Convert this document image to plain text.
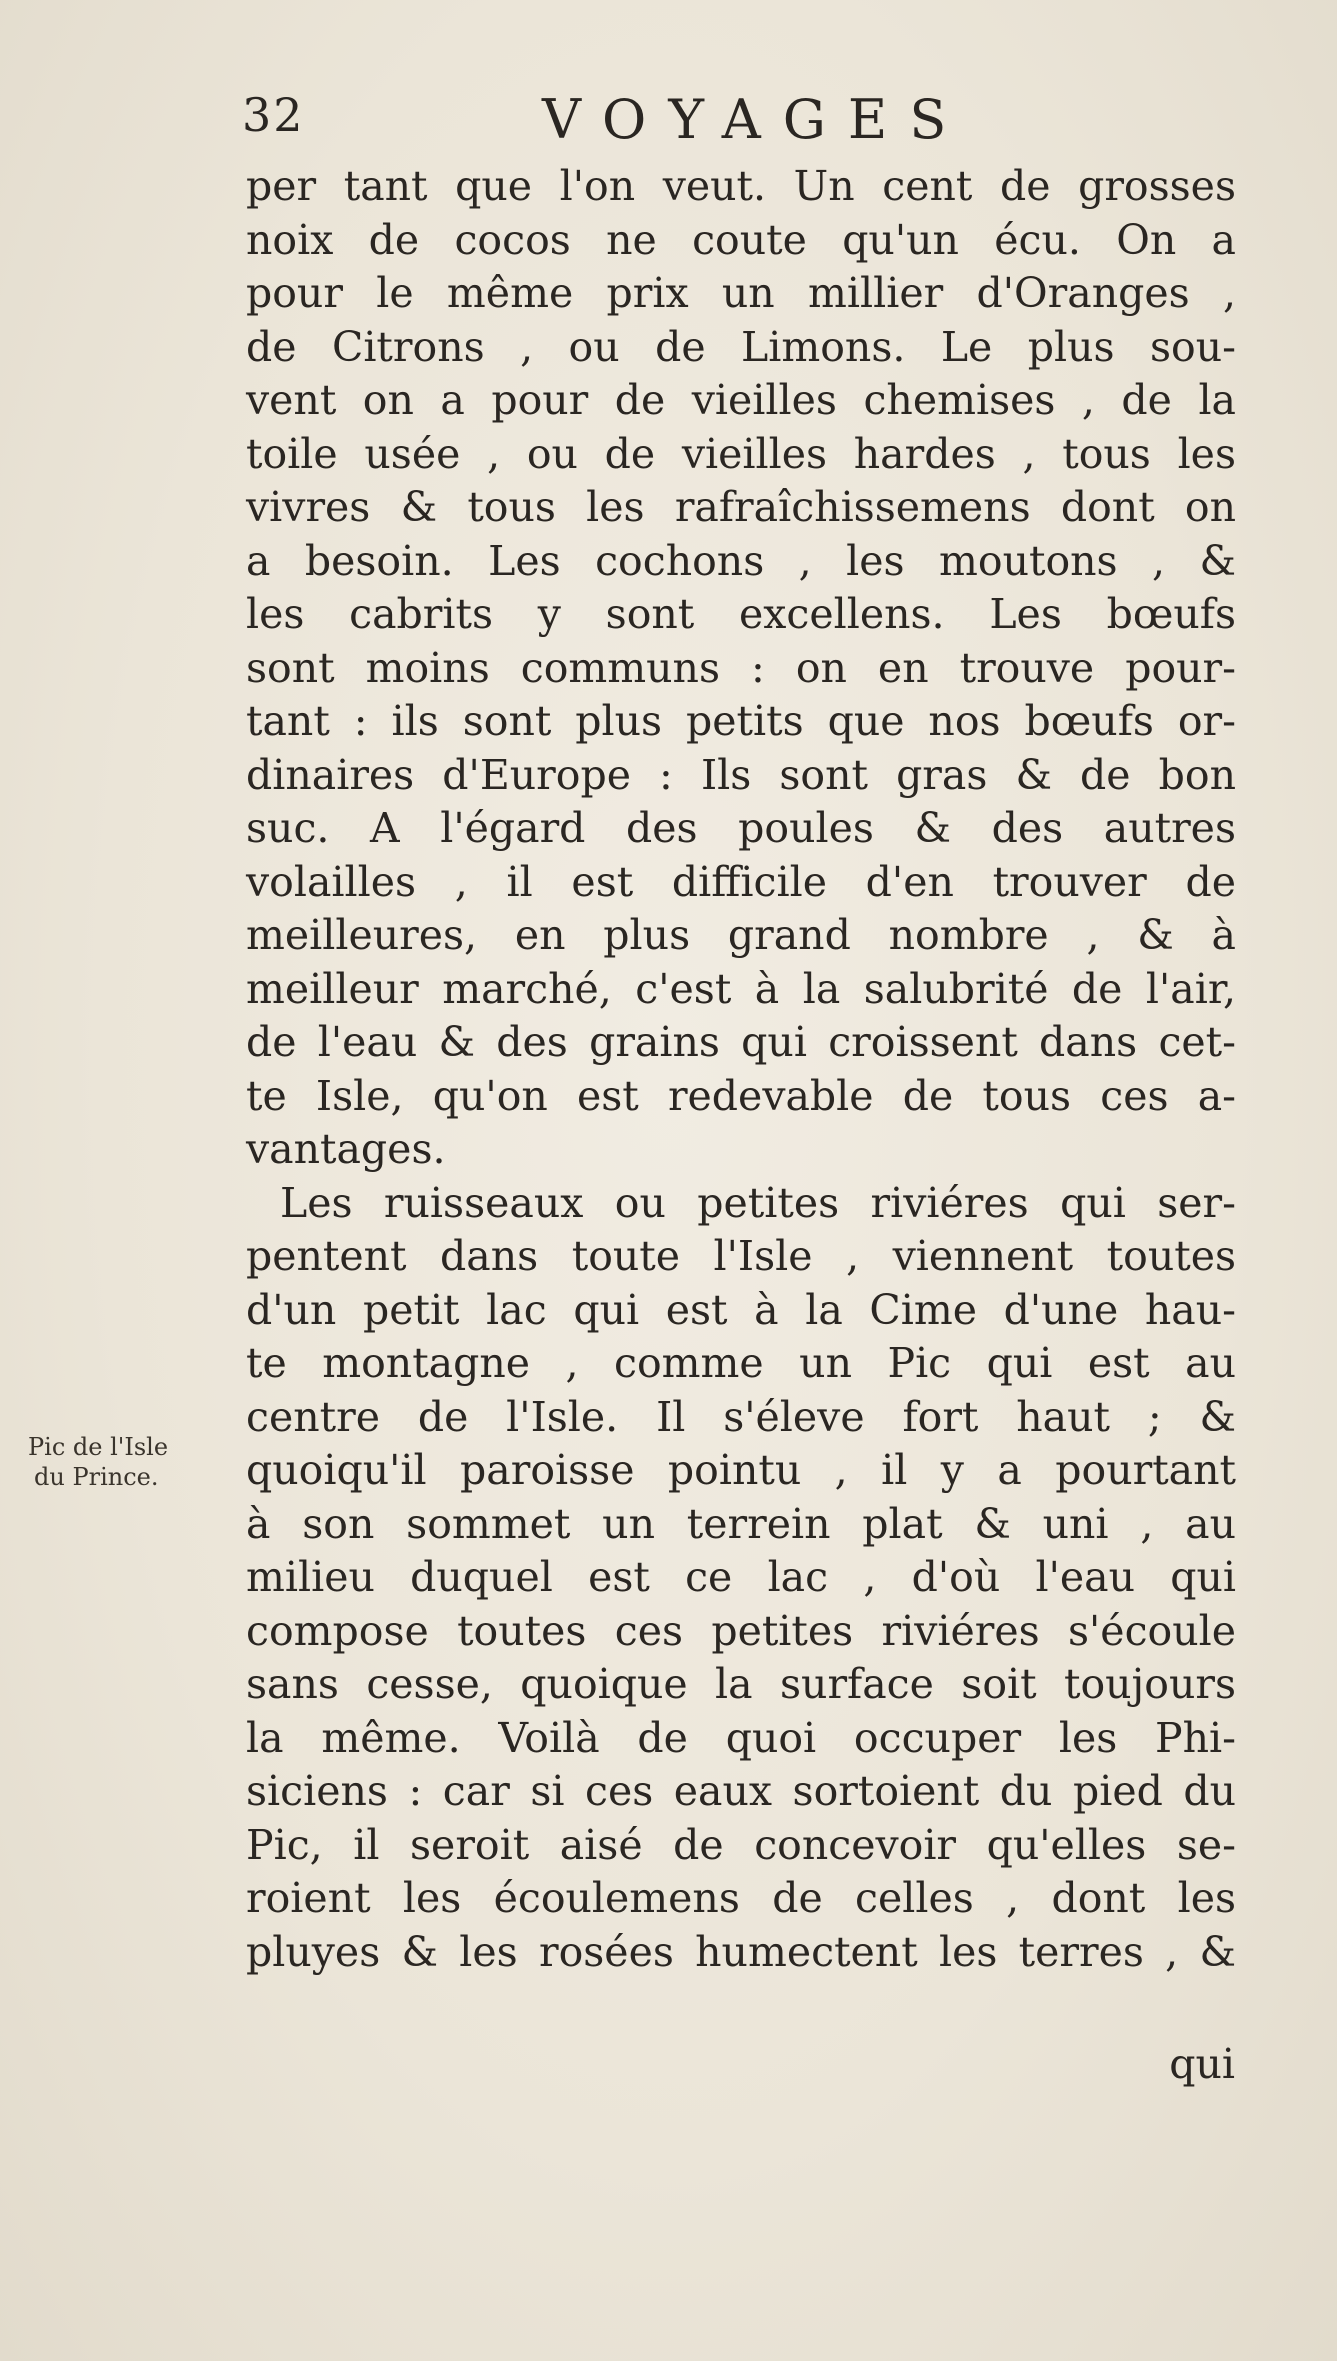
32	VOYAGES
Pic de l'Isle
du Prince.
per tant que l'on veut. Un cent de grosses
noix de cocos ne coute qu'un écu. On a
pour le même prix un millier d'Oranges ,
de Citrons , ou de Limons. Le plus sou-
vent on a pour de vieilles chemises , de la
toile usée , ou de vieilles hardes , tous les
vivres & tous les rafraîchissemens dont on
a besoin. Les cochons , les moutons , &
les cabrits y sont excellens. Les bœufs
sont moins communs : on en trouve pour-
tant : ils sont plus petits que nos bœufs or-
dinaires d'Europe : Ils sont gras & de bon
suc. A l'égard des poules & des autres
volailles , il est difficile d'en trouver de
meilleures, en plus grand nombre , & à
meilleur marché, c'est à la salubrité de l'air,
de l'eau & des grains qui croissent dans cet-
te Isle, qu'on est redevable de tous ces a-
vantages.
Les ruisseaux ou petites riviéres qui ser-
pentent dans toute l'Isle , viennent toutes
d'un petit lac qui est à la Cime d'une hau-
te montagne , comme un Pic qui est au
centre de l'Isle. Il s'éleve fort haut ; &
quoiqu'il paroisse pointu , il y a pourtant
à son sommet un terrein plat & uni , au
milieu duquel est ce lac , d'où l'eau qui
compose toutes ces petites riviéres s'écoule
sans cesse, quoique la surface soit toujours
la même. Voilà de quoi occuper les Phi-
siciens : car si ces eaux sortoient du pied du
Pic, il seroit aisé de concevoir qu'elles se-
roient les écoulemens de celles , dont les
pluyes & les rosées humectent les terres , &
qui
